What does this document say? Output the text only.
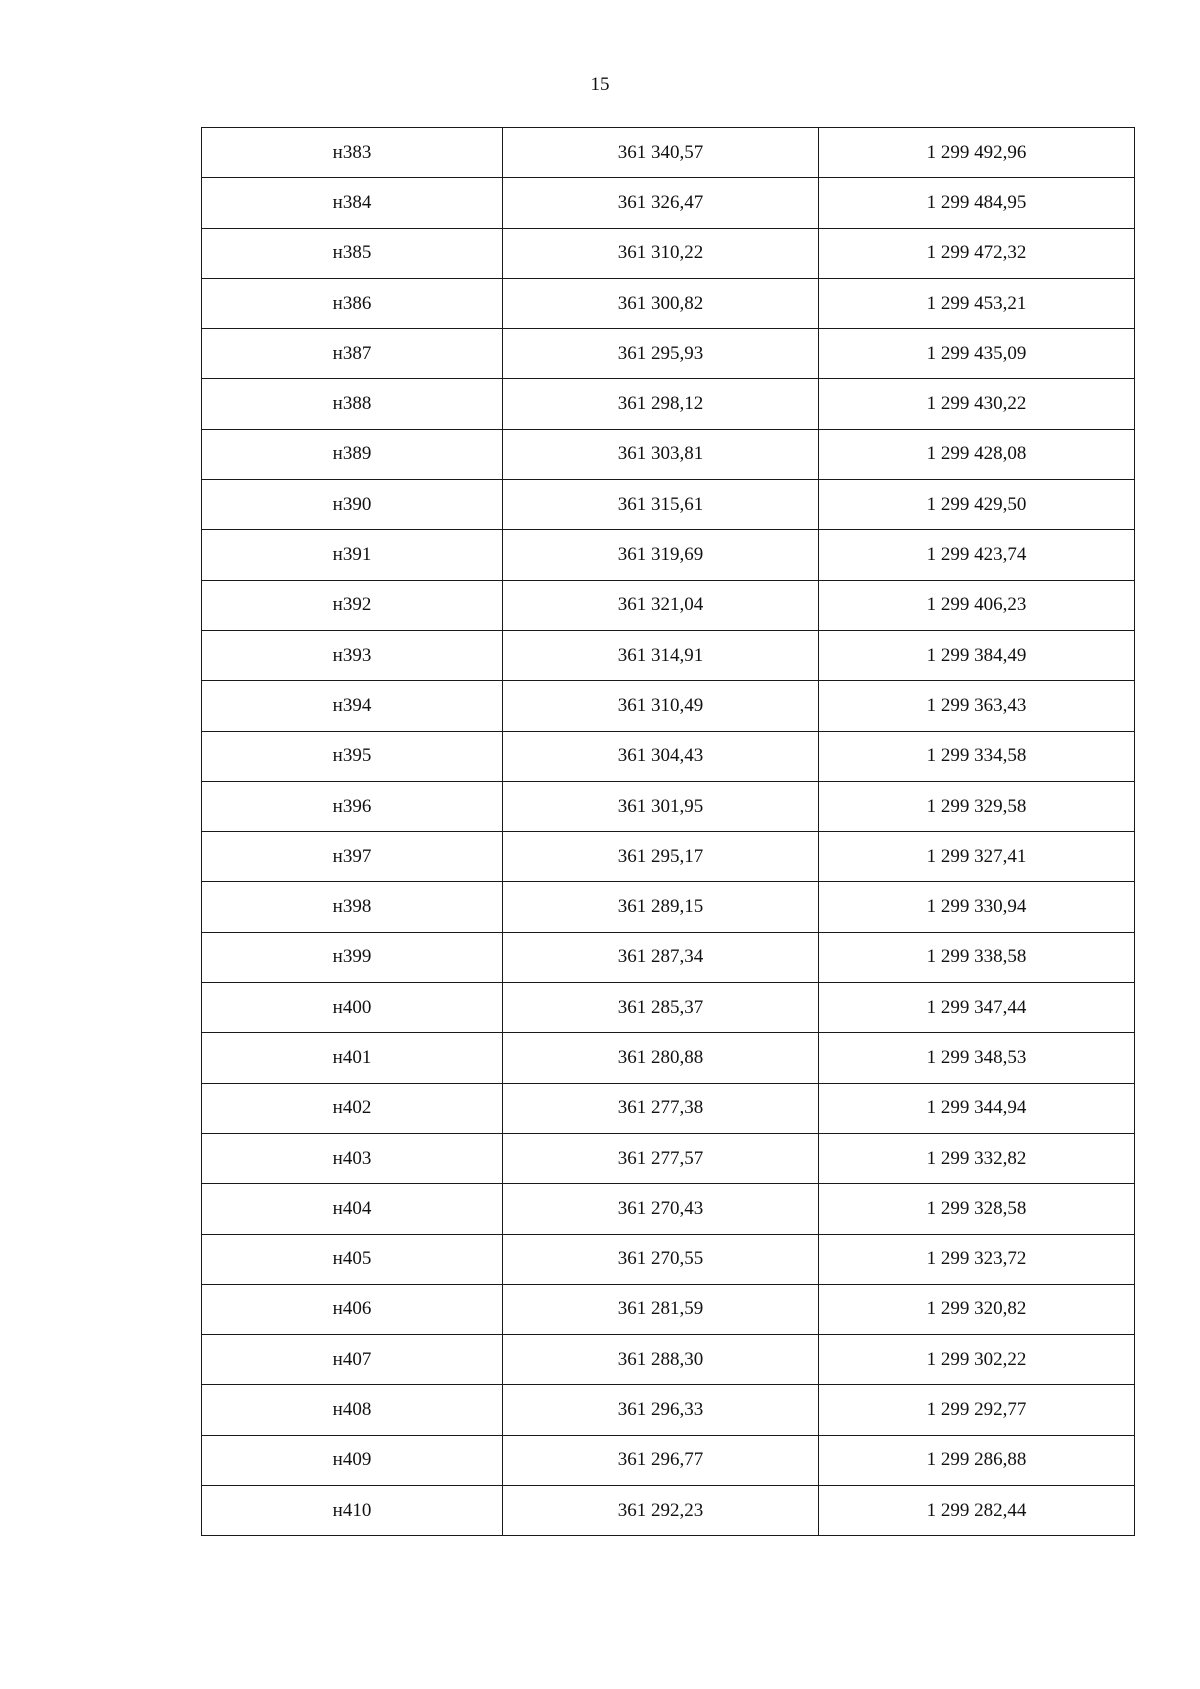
15
н383	361 340,57	1 299 492,96
н384	361 326,47	1 299 484,95
н385	361 310,22	1 299 472,32
н386	361 300,82	1 299 453,21
н387	361 295,93	1 299 435,09
н388	361 298,12	1 299 430,22
н389	361 303,81	1 299 428,08
н390	361 315,61	1 299 429,50
н391	361 319,69	1 299 423,74
н392	361 321,04	1 299 406,23
н393	361 314,91	1 299 384,49
н394	361 310,49	1 299 363,43
н395	361 304,43	1 299 334,58
н396	361 301,95	1 299 329,58
н397	361 295,17	1 299 327,41
н398	361 289,15	1 299 330,94
н399	361 287,34	1 299 338,58
н400	361 285,37	1 299 347,44
н401	361 280,88	1 299 348,53
н402	361 277,38	1 299 344,94
н403	361 277,57	1 299 332,82
н404	361 270,43	1 299 328,58
н405	361 270,55	1 299 323,72
н406	361 281,59	1 299 320,82
н407	361 288,30	1 299 302,22
н408	361 296,33	1 299 292,77
н409	361 296,77	1 299 286,88
н410	361 292,23	1 299 282,44
